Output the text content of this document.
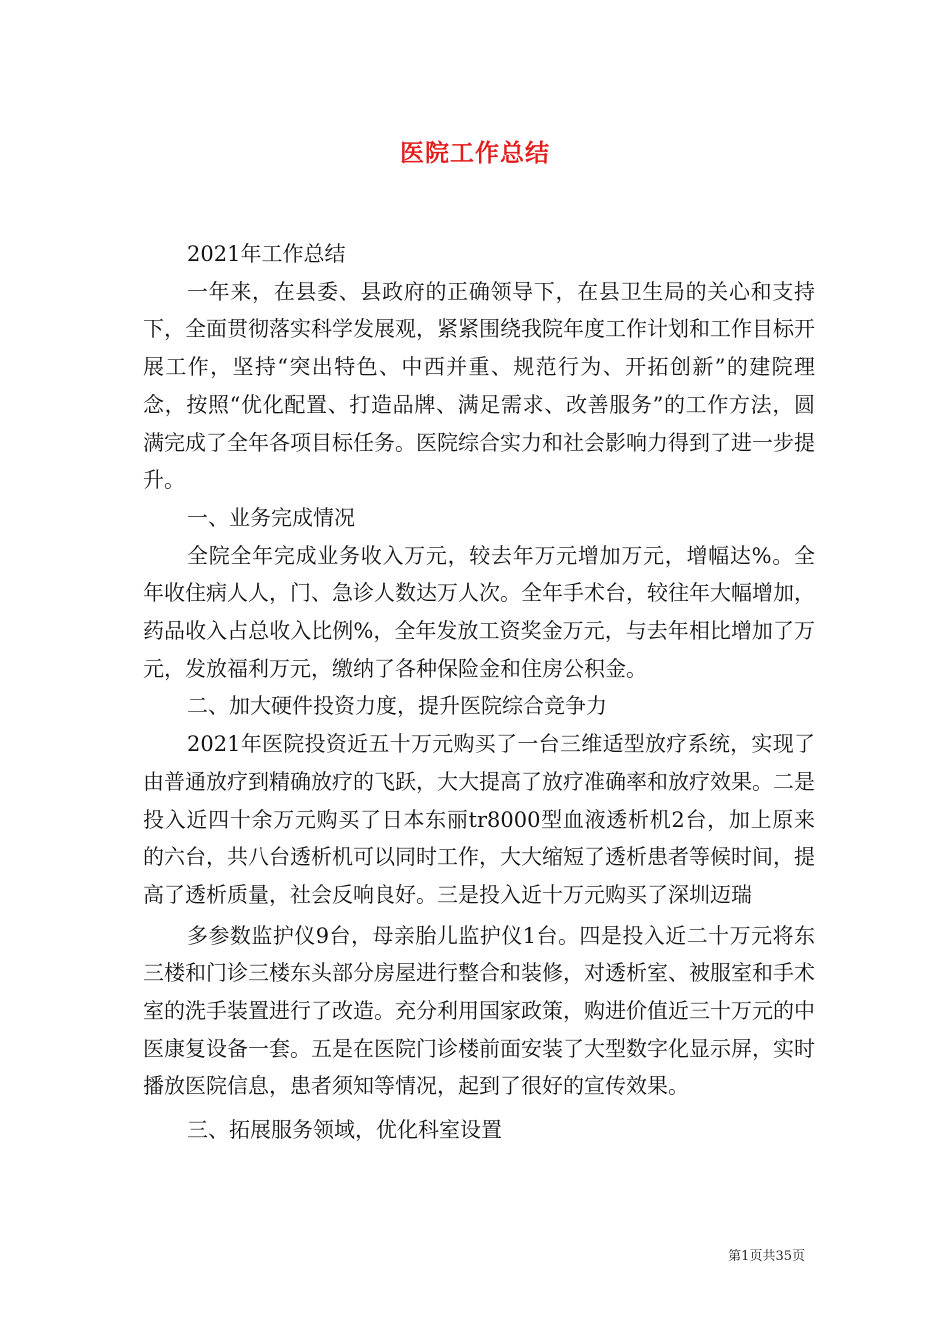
医院工作总结

2021年工作总结

一年来，在县委、县政府的正确领导下，在县卫生局的关心和支持下，全面贯彻落实科学发展观，紧紧围绕我院年度工作计划和工作目标开展工作，坚持“突出特色、中西并重、规范行为、开拓创新”的建院理念，按照“优化配置、打造品牌、满足需求、改善服务”的工作方法，圆满完成了全年各项目标任务。医院综合实力和社会影响力得到了进一步提升。

一、业务完成情况

全院全年完成业务收入万元，较去年万元增加万元，增幅达%。全年收住病人人，门、急诊人数达万人次。全年手术台，较往年大幅增加，药品收入占总收入比例%，全年发放工资奖金万元，与去年相比增加了万元，发放福利万元，缴纳了各种保险金和住房公积金。

二、加大硬件投资力度，提升医院综合竞争力

2021年医院投资近五十万元购买了一台三维适型放疗系统，实现了由普通放疗到精确放疗的飞跃，大大提高了放疗准确率和放疗效果。二是投入近四十余万元购买了日本东丽tr8000型血液透析机2台，加上原来的六台，共八台透析机可以同时工作，大大缩短了透析患者等候时间，提高了透析质量，社会反响良好。三是投入近十万元购买了深圳迈瑞

多参数监护仪9台，母亲胎儿监护仪1台。四是投入近二十万元将东三楼和门诊三楼东头部分房屋进行整合和装修，对透析室、被服室和手术室的洗手装置进行了改造。充分利用国家政策，购进价值近三十万元的中医康复设备一套。五是在医院门诊楼前面安装了大型数字化显示屏，实时播放医院信息，患者须知等情况，起到了很好的宣传效果。

三、拓展服务领域，优化科室设置

第1页共35页
